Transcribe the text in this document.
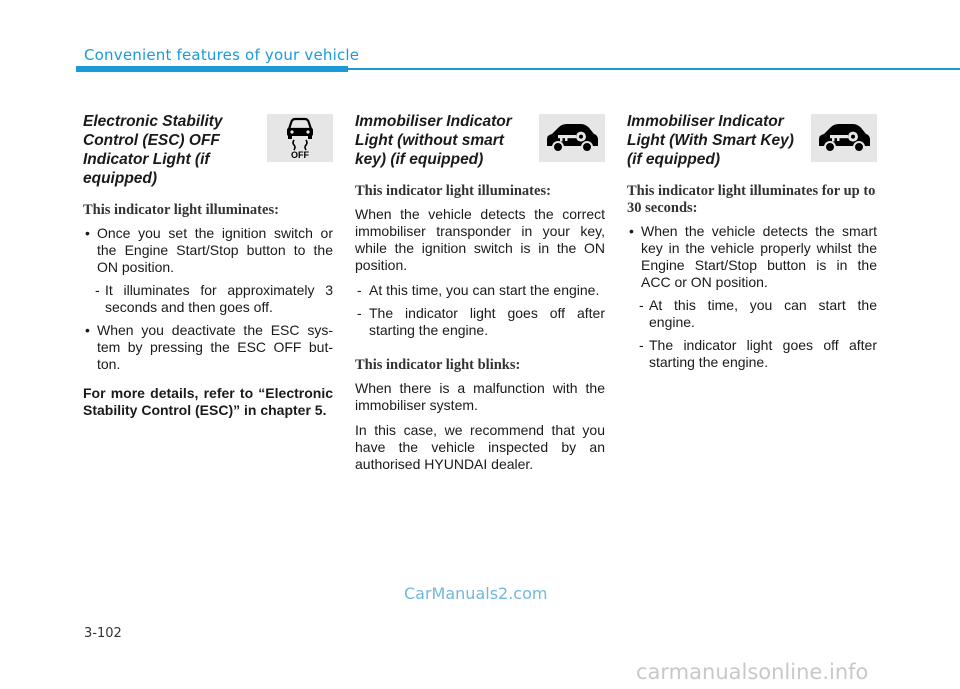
Convenient features of your vehicle
OFF

Electronic Stability Control (ESC) OFF Indicator Light (if equipped)

This indicator light illuminates:

• Once you set the ignition switch or the Engine Start/Stop button to the ON position.
- It illuminates for approximately 3 seconds and then goes off.
• When you deactivate the ESC sys-tem by pressing the ESC OFF but-ton.

For more details, refer to “Electronic Stability Control (ESC)” in chapter 5.

Immobiliser Indicator Light (without smart key) (if equipped)

This indicator light illuminates:

When the vehicle detects the correct immobiliser transponder in your key, while the ignition switch is in the ON position.

- At this time, you can start the engine.
- The indicator light goes off after starting the engine.

This indicator light blinks:

When there is a malfunction with the immobiliser system.

In this case, we recommend that you have the vehicle inspected by an authorised HYUNDAI dealer.

Immobiliser Indicator Light (With Smart Key) (if equipped)

This indicator light illuminates for up to 30 seconds:

• When the vehicle detects the smart key in the vehicle properly whilst the Engine Start/Stop button is in the ACC or ON position.
- At this time, you can start the engine.
- The indicator light goes off after starting the engine.
CarManuals2.com
3-102
carmanualsonline.info
